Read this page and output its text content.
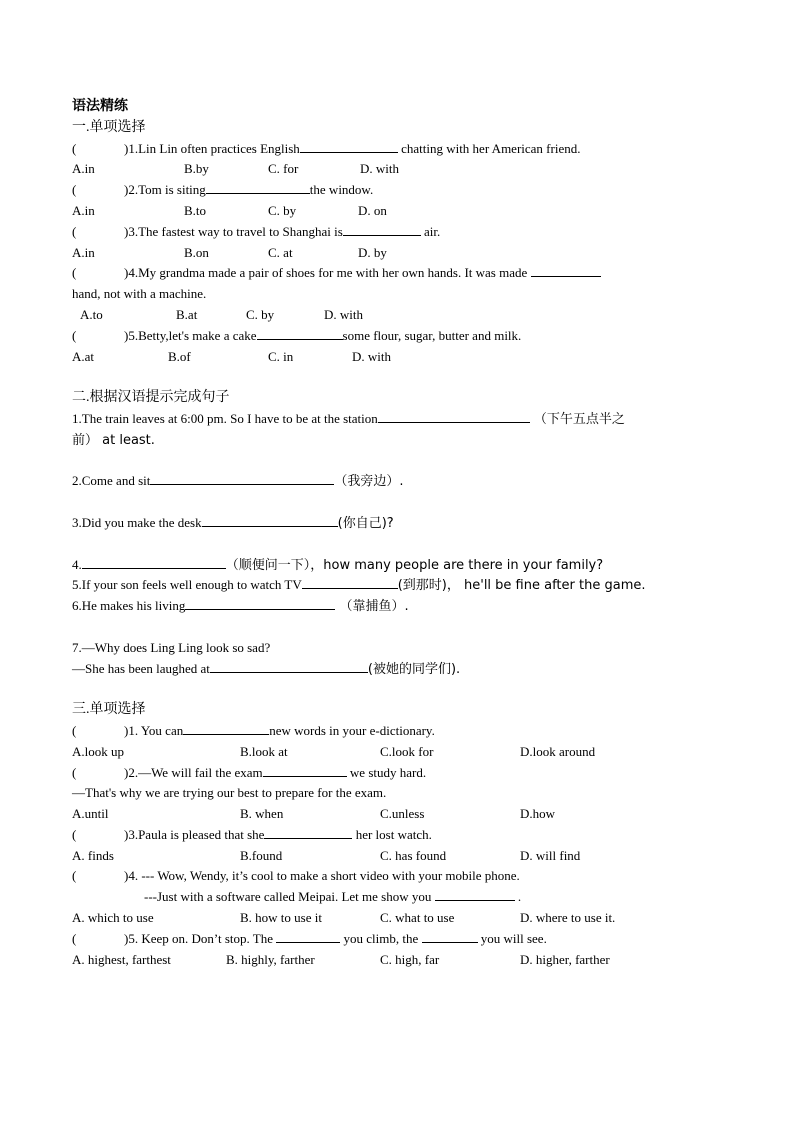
语法精练
一.单项选择
(	)1.Lin Lin often practices English	chatting with her American friend.
A.in	B.by	C. for	D. with
(	)2.Tom is siting	the window.
A.in	B.to	C. by	D. on
(	)3.The fastest way to travel to Shanghai is	air.
A.in	B.on	C. at	D. by
(	)4.My grandma made a pair of shoes for me with her own hands. It was made
hand, not with a machine.
A.to	B.at	C. by	D. with
(	)5.Betty,let's make a cake	some flour, sugar, butter and milk.
A.at	B.of	C. in	D. with
二.根据汉语提示完成句子
1.The train leaves at 6:00 pm. So I have to be at the station	（下午五点半之
前） at least.
2.Come and sit	（我旁边）.
3.Did you make the desk	(你自己)?
4.	（顺便问一下），how many people are there in your family?
5.If your son feels well enough to watch TV	(到那时)， he'll be fine after the game.
6.He makes his living	（靠捕鱼）.
7.—Why does Ling Ling look so sad?
—She has been laughed at	(被她的同学们).
三.单项选择
(	)1. You can	new words in your e-dictionary.
A.look up	B.look at	C.look for	D.look around
(	)2.—We will fail the exam	we study hard.
—That's why we are trying our best to prepare for the exam.
A.until	B. when	C.unless	D.how
(	)3.Paula is pleased that she	her lost watch.
A. finds	B.found	C. has found	D. will find
(	)4. --- Wow, Wendy, it’s cool to make a short video with your mobile phone.
---Just with a software called Meipai. Let me show you	.
A. which to use	B. how to use it	C. what to use	D. where to use it.
(	)5. Keep on. Don’t stop. The	you climb, the	you will see.
A. highest, farthest	B. highly, farther	C. high, far	D. higher, farther
